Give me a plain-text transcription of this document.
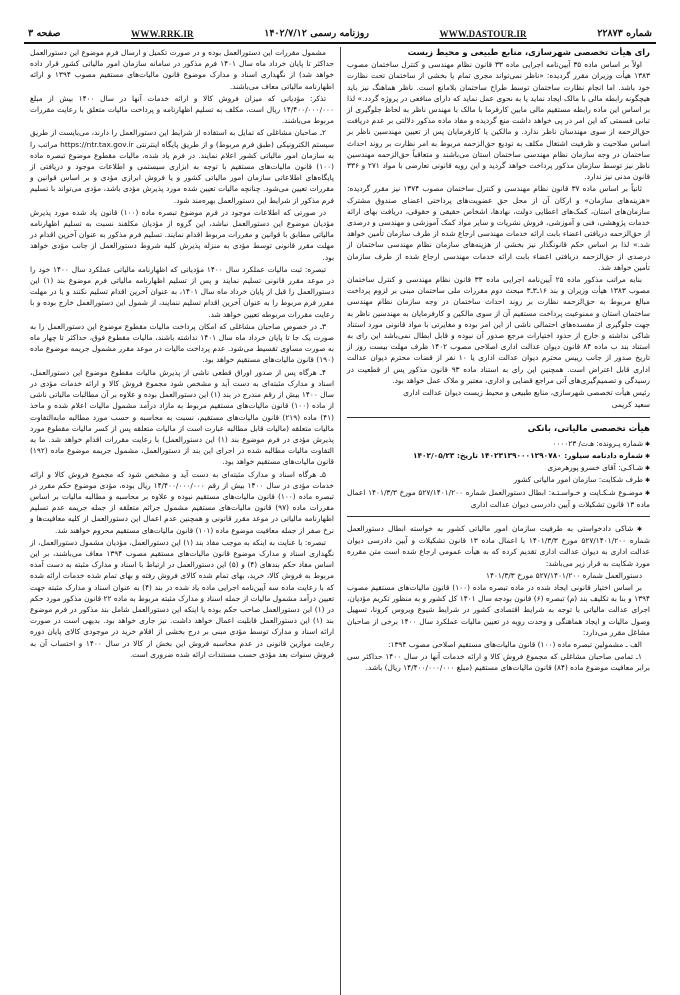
شماره ۲۲۸۷۳
WWW.DASTOUR.IR
روزنامه رسمی ۱۴۰۲/۷/۱۲
WWW.RRK.IR
صفحه ۳

رای هیأت تخصصی شهرسازی، منابع طبیعی و محیط زیست

اولاً بر اساس ماده ۳۵ آیین‌نامه اجرایی ماده ۳۳ قانون نظام مهندسی و کنترل ساختمان مصوب ۱۳۸۳ هیأت وزیران مقرر گردیده: «ناظر نمی‌تواند مجری تمام یا بخشی از ساختمان تحت نظارت خود باشد. اما انجام نظارت ساختمان توسط طراح ساختمان بلامانع است. ناظر هماهنگ نیز باید هیچگونه رابطه مالی با مالک ایجاد نماید یا به نحوی عمل نماید که دارای منافعی در پروژه گردد.» لذا بر اساس این ماده رابطه مستقیم مالی مابین کارفرما با مالک با مهندس ناظر به لحاظ جلوگیری از تبانی قسمتی که این امر در پی خواهد داشت منع گردیده و مفاد ماده مذکور دلالتی بر عدم دریافت حق‌الزحمه از سوی مهندسان ناظر ندارد. و مالکین یا کارفرمایان پس از تعیین مهندسین ناظر بر اساس صلاحیت و ظرفیت اشتغال مکلف به تودیع حق‌الزحمه مربوط به امر نظارت بر روند احداث ساختمان در وجه سازمان نظام مهندسی ساختمان استان می‌باشند و متعاقباً حق‌الزحمه مهندسین ناظر نیز توسط سازمان مذکور پرداخت خواهد گردید و این رویه قانونی تعارضی با مواد ۲۷۱ و ۳۳۶ قانون مدنی نیز ندارد.

ثانیاً بر اساس ماده ۳۷ قانون نظام مهندسی و کنترل ساختمان مصوب ۱۳۷۴ نیز مقرر گردیده: «هزینه‌های سازمان» و ارکان آن از محل حق عضویت‌های پرداختی اعضای صندوق مشترک سازمان‌های استان، کمک‌های اعطایی دولت، نهادها، اشخاص حقیقی و حقوقی، دریافت بهای ارائه خدمات پژوهشی، فنی و آموزشی، فروش نشریات و سایر مواد کمک آموزشی و مهندسی و درصدی از حق‌الزحمه دریافتی اعضاء بابت ارائه خدمات مهندسی ارجاع شده از طرف سازمان تأمین خواهد شد.» لذا بر اساس حکم قانونگذار نیز بخشی از هزینه‌های سازمان نظام مهندسی ساختمان از درصدی از حق‌الزحمه دریافتی اعضاء بابت ارائه خدمات مهندسی ارجاع شده از طرف سازمان تأمین خواهد شد.

بنابه مراتب مذکور ماده ۲۵ آیین‌نامه اجرایی ماده ۳۳ قانون نظام مهندسی و کنترل ساختمان مصوب ۱۳۸۳ هیأت وزیران و بند ۱۶ـ۳ـ۳ مبحث دوم مقررات ملی ساختمان مبنی بر لزوم پرداخت مبالغ مربوط به حق‌الزحمه نظارت بر روند احداث ساختمان در وجه سازمان نظام مهندسی ساختمان استان و ممنوعیت پرداخت مستقیم آن از سوی مالکین و کارفرمایان به مهندسین ناظر به جهت جلوگیری از مفسده‌های احتمالی ناشی از این امر بوده و مغایرتی با مواد قانونی مورد استناد شاکی نداشته و خارج از حدود اختیارات مرجع صدور آن نبوده و قابل ابطال نمی‌باشد این رای به استناد بند ب ماده ۸۴ قانون دیوان عدالت اداری اصلاحی مصوب ۱۴۰۲ ظرف مهلت بیست روز از تاریخ صدور از جانب رییس محترم دیوان عدالت اداری یا ۱۰ نفر از قضات محترم دیوان عدالت اداری قابل اعتراض است. همچنین این رای به استناد ماده ۹۳ قانون مذکور پس از قطعیت در رسیدگی و تصمیم‌گیری‌های آتی مراجع قضایی و اداری، معتبر و ملاک عمل خواهد بود.

رئیس هیأت تخصصی شهرسازی، منابع طبیعی و محیط زیست دیوان عدالت اداری

سعید کریمی

هیأت تخصصی مالیاتی، بانکی

✱ شماره پـرونده: هـ‌ت/ ۰۰۰۰۲۳

✱ شماره دادنامه سیلور: ۱۴۰۲۳۱۳۹۰۰۰۱۲۹۰۷۸۰ تاریخ: ۱۴۰۲/۰۵/۲۳

✱ شـاکـی: آقای خسرو پورهرمزی

✱ طرف شکایت: سازمان امور مالیاتی کشور

✱ موضـوع شـکـایت و خـواسـتـه: ابطال دستورالعمل شماره ۵۲۷/۱۴۰۱/۲۰۰ مورخ ۱۴۰۱/۳/۳ اعمال ماده ۱۳ قانون تشکیلات و آیین دادرسی دیوان عدالت اداری

✱ شاکی دادخواستی به طرفیت سازمان امور مالیاتی کشور به خواسته ابطال دستورالعمل شماره ۵۲۷/۱۴۰۱/۲۰۰ مورخ ۱۴۰۱/۳/۳ با اعمال ماده ۱۳ قانون تشکیلات و آیین دادرسی دیوان عدالت اداری به دیوان عدالت اداری تقدیم کرده که به هیأت عمومی ارجاع شده است متن مقرره مورد شکایت به قرار زیر می‌باشد:

دستورالعمل شماره ۵۲۷/۱۴۰۱/۲۰۰ مورخ ۱۴۰۱/۳/۳

بر اساس اختیار قانونی ایجاد شده در ماده تبصره ماده (۱۰۰) قانون مالیات‌های مستقیم مصوب ۱۳۹۴ و بنا به تکلیف بند (م) تبصره (۶) قانون بودجه سال ۱۴۰۱ کل کشور و به منظور تکریم مؤدیان، اجرای عدالت مالیاتی با توجه به شرایط اقتصادی کشور در شرایط شیوع ویروس کرونا، تسهیل وصول مالیات و ایجاد هماهنگی و وحدت رویه در تعیین مالیات عملکرد سال ۱۴۰۰ برخی از صاحبان مشاغل مقرر می‌دارد:

الف ـ مشمولین تبصره ماده (۱۰۰) قانون مالیات‌های مستقیم اصلاحی مصوب ۱۳۹۴:

۱ـ تمامی صاحبان مشاغلی که مجموع فروش کالا و ارائه خدمات آنها در سال ۱۴۰۰ حداکثر سی برابر معافیت موضوع ماده (۸۴) قانون مالیات‌های مستقیم (مبلغ ۱۴/۴۰۰/۰۰۰/۰۰۰ ریال) باشد.

مشمول مقررات این دستورالعمل بوده و در صورت تکمیل و ارسال فرم موضوع این دستورالعمل حداکثر تا پایان خرداد ماه سال ۱۴۰۱ فرم مذکور در سامانه سازمان امور مالیاتی کشور قرار داده خواهد شد) از نگهداری اسناد و مدارک موضوع قانون مالیات‌های مستقیم مصوب ۱۳۹۴ و ارائه اظهارنامه مالیاتی معاف می‌باشند.

تذکر: مؤدیانی که میزان فروش کالا و ارائه خدمات آنها در سال ۱۴۰۰ بیش از مبلغ ۱۴/۴۰۰/۰۰۰/۰۰۰ ریال است، مکلف به تسلیم اظهارنامه و پرداخت مالیات متعلق با رعایت مقررات مربوط می‌باشند.

۲ـ صاحبان مشاغلی که تمایل به استفاده از شرایط این دستورالعمل را دارند، می‌بایست از طریق سیستم الکترونیکی (طبق فرم مربوط) و از طریق پایگاه اینترنتی https://ntr.tax.gov.ir مراتب را به سازمان امور مالیاتی کشور اعلام نمایند. در فرم یاد شده، مالیات مقطوع موضوع تبصره ماده (۱۰۰) قانون مالیات‌های مستقیم با توجه به ابزاری سیستمی و اطلاعات موجود و دریافتی از پایگاه‌های اطلاعاتی سازمان امور مالیاتی کشور و یا فروش ابرازی مؤدی و بر اساس قوانین و مقررات تعیین می‌شود. چنانچه مالیات تعیین شده مورد پذیرش مؤدی باشد، مؤدی می‌تواند با تسلیم فرم مذکور از شرایط این دستورالعمل بهره‌مند شود.

در صورتی که اطلاعات موجود در فرم موضوع تبصره ماده (۱۰۰) قانون یاد شده مورد پذیرش مؤدیان موضوع این دستورالعمل نباشد، این گروه از مؤدیان مکلفند نسبت به تسلیم اظهارنامه مالیاتی مطابق با قوانین و مقررات مربوط اقدام نمایند. تسلیم فرم مذکور به عنوان آخرین اقدام در مهلت مقرر قانونی توسط مؤدی به منزله پذیرش کلیه شروط دستورالعمل از جانب مؤدی خواهد بود.

تبصره: ثبت مالیات عملکرد سال ۱۴۰۰ مؤدیانی که اظهارنامه مالیاتی عملکرد سال ۱۴۰۰ خود را در موعد مقرر قانونی تسلیم نمایند و پس از تسلیم اظهارنامه مالیاتی فرم موضوع بند (۱) این دستورالعمل را قبل از پایان خرداد ماه سال ۱۴۰۱، به عنوان آخرین اقدام تسلیم نکنند و یا در مهلت مقرر فرم مربوط را به عنوان آخرین اقدام تسلیم ننمایند، از شمول این دستورالعمل خارج بوده و با رعایت مقررات مربوطه تعیین خواهد شد.

۳ـ در خصوص صاحبان مشاغلی که امکان پرداخت مالیات مقطوع موضوع این دستورالعمل را به صورت یک جا تا پایان خرداد ماه سال ۱۴۰۱ نداشته باشند، مالیات مقطوع فوق، حداکثر تا چهار ماه به صورت مساوی تقسیط می‌شود. عدم پرداخت مالیات در موعد مقرر مشمول جریمه موضوع ماده (۱۹۰) قانون مالیات‌های مستقیم خواهد بود.

۴ـ هرگاه پس از صدور اوراق قطعی ناشی از پذیرش مالیات مقطوع موضوع این دستورالعمل، اسناد و مدارک مثبته‌ای به دست آید و مشخص شود مجموع فروش کالا و ارائه خدمات مؤدی در سال ۱۴۰۰ بیش از رقم مندرج در بند (۱) این دستورالعمل بوده و علاوه بر آن مطالبات مالیاتی ناشی از ماده (۱۰۰) قانون مالیات‌های مستقیم مربوط به مازاد درآمد مشمول مالیات اعلام شده و ماخذ (۴۱) ماده (۲۱۹) قانون مالیات‌های مستقیم، نسبت به محاسبه و حسب مورد مطالبه مابه‌التفاوت مالیات متعلقه (مالیات قابل مطالبه عبارت است از مالیات متعلقه پس از کسر مالیات مقطوع مورد پذیرش مؤدی در فرم موضوع بند (۱) این دستورالعمل) با رعایت مقررات اقدام خواهد شد. ما به التفاوت مالیات مطالبه شده در اجرای این بند از دستورالعمل، مشمول جریمه موضوع ماده (۱۹۲) قانون مالیات‌های مستقیم خواهد بود.

۵ـ هرگاه اسناد و مدارک مثبته‌ای به دست آید و مشخص شود که مجموع فروش کالا و ارائه خدمات مؤدی در سال ۱۴۰۰ بیش از رقم ۱۴/۴۰۰/۰۰۰/۰۰۰ ریال بوده، مؤدی موضوع حکم مقرر در تبصره ماده (۱۰۰) قانون مالیات‌های مستقیم نبوده و علاوه بر محاسبه و مطالبه مالیات بر اساس مقررات ماده (۹۷) قانون مالیات‌های مستقیم مشمول جرائم متعلقه از جمله جریمه عدم تسلیم اظهارنامه مالیاتی در موعد مقرر قانونی و همچنین عدم اعمال این دستورالعمل از کلیه معافیت‌ها و نرخ صفر از جمله معافیت موضوع ماده (۱۰۱) قانون مالیات‌های مستقیم محروم خواهند شد.

تبصره: با عنایت به اینکه به موجب مفاد بند (۱) این دستورالعمل، مؤدیان مشمول دستورالعمل، از نگهداری اسناد و مدارک موضوع قانون مالیات‌های مستقیم مصوب ۱۳۹۴ معاف می‌باشند، بر این اساس مفاد حکم بندهای (۴) و (۵) این دستورالعمل در ارتباط با اسناد و مدارک مثبته به دست آمده مربوط به فروش کالا، خرید، بهای تمام شده کالای فروش رفته و بهای تمام شده خدمات ارائه شده که با رعایت ماده سه آیین‌نامه اجرایی ماده یاد شده در بند (۴) به عنوان اسناد و مدارک مثبته جهت تعیین درآمد مشمول مالیات از جمله اسناد و مدارک مثبته مربوط به ماده ۲۲ قانون مذکور مورد حکم در (۱) این دستورالعمل صاحب حکم بوده یا اینکه این دستورالعمل شامل بند مذکور در فرم موضوع بند (۱) این دستورالعمل قابلیت اعمال خواهد داشت. نیز جاری خواهد بود. بدیهی است در صورت ارائه اسناد و مدارک توسط مؤدی مبنی بر درج بخشی از اقلام خرید در موجودی کالای پایان دوره رعایت موازین قانونی در عدم محاسبه فروش این بخش از کالا در سال ۱۴۰۰ و احتساب آن به فروش سنوات بعد مؤدی حسب مستندات ارائه شده ضروری است.
